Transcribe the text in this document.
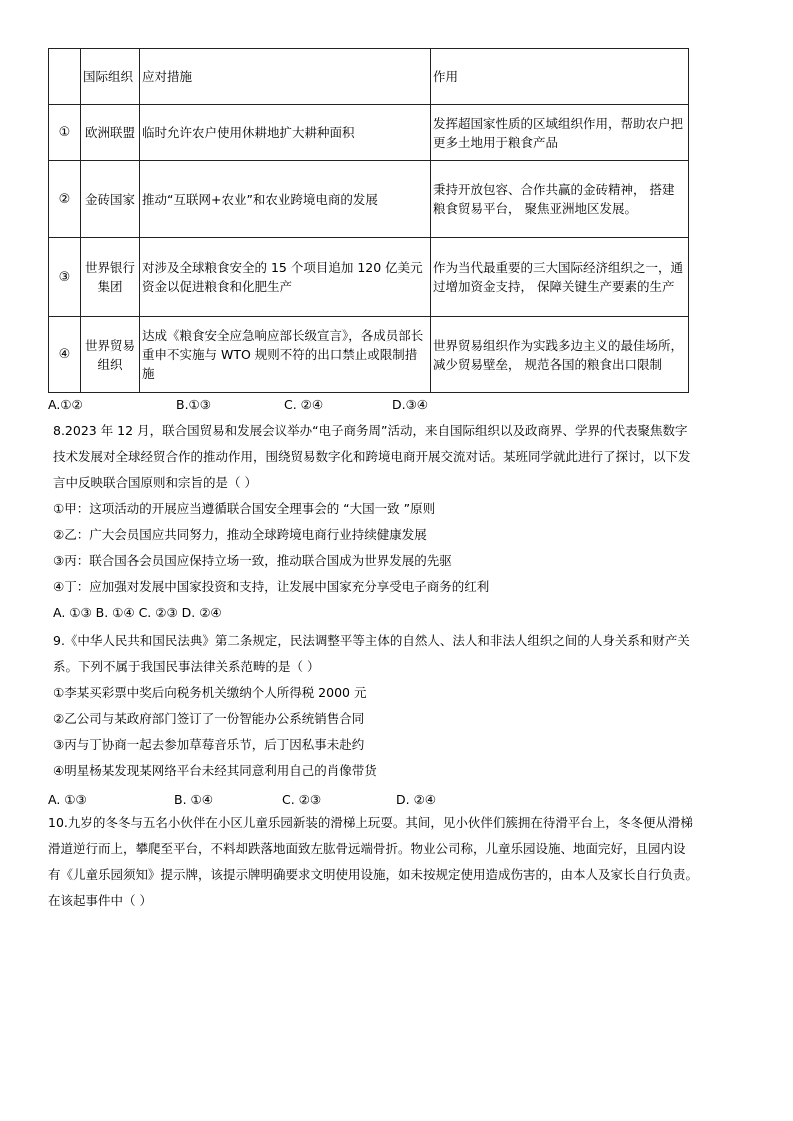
	国际组织	应对措施	作用
①	欧洲联盟	临时允许农户使用休耕地扩大耕种面积	发挥超国家性质的区域组织作用，帮助农户把更多土地用于粮食产品
②	金砖国家	推动“互联网+农业”和农业跨境电商的发展	秉持开放包容、合作共赢的金砖精神， 搭建粮食贸易平台， 聚焦亚洲地区发展。
③	世界银行集团	对涉及全球粮食安全的 15 个项目追加 120 亿美元资金以促进粮食和化肥生产	作为当代最重要的三大国际经济组织之一，通过增加资金支持， 保障关键生产要素的生产
④	世界贸易组织	达成《粮食安全应急响应部长级宣言》，各成员部长重申不实施与 WTO 规则不符的出口禁止或限制措施	世界贸易组织作为实践多边主义的最佳场所， 减少贸易壁垒， 规范各国的粮食出口限制
A.①②	B.①③	C. ②④	D.③④
8.2023 年 12 月，联合国贸易和发展会议举办“电子商务周”活动，来自国际组织以及政商界、学界的代表聚焦数字
技术发展对全球经贸合作的推动作用，围绕贸易数字化和跨境电商开展交流对话。某班同学就此进行了探讨，以下发
言中反映联合国原则和宗旨的是（ ）
①甲：这项活动的开展应当遵循联合国安全理事会的 “大国一致 ”原则
②乙：广大会员国应共同努力，推动全球跨境电商行业持续健康发展
③丙：联合国各会员国应保持立场一致，推动联合国成为世界发展的先驱
④丁：应加强对发展中国家投资和支持，让发展中国家充分享受电子商务的红利
A. ①③ B. ①④ C. ②③ D. ②④
9.《中华人民共和国民法典》第二条规定，民法调整平等主体的自然人、法人和非法人组织之间的人身关系和财产关
系。下列不属于我国民事法律关系范畴的是（ ）
①李某买彩票中奖后向税务机关缴纳个人所得税 2000 元
②乙公司与某政府部门签订了一份智能办公系统销售合同
③丙与丁协商一起去参加草莓音乐节，后丁因私事未赴约
④明星杨某发现某网络平台未经其同意利用自己的肖像带货
A. ①③	B. ①④	C. ②③	D. ②④
10.九岁的冬冬与五名小伙伴在小区儿童乐园新装的滑梯上玩耍。其间，见小伙伴们簇拥在待滑平台上，冬冬便从滑梯
滑道逆行而上，攀爬至平台，不料却跌落地面致左肱骨远端骨折。物业公司称，儿童乐园设施、地面完好，且园内设
有《儿童乐园须知》提示牌，该提示牌明确要求文明使用设施，如未按规定使用造成伤害的，由本人及家长自行负责。
在该起事件中（ ）
